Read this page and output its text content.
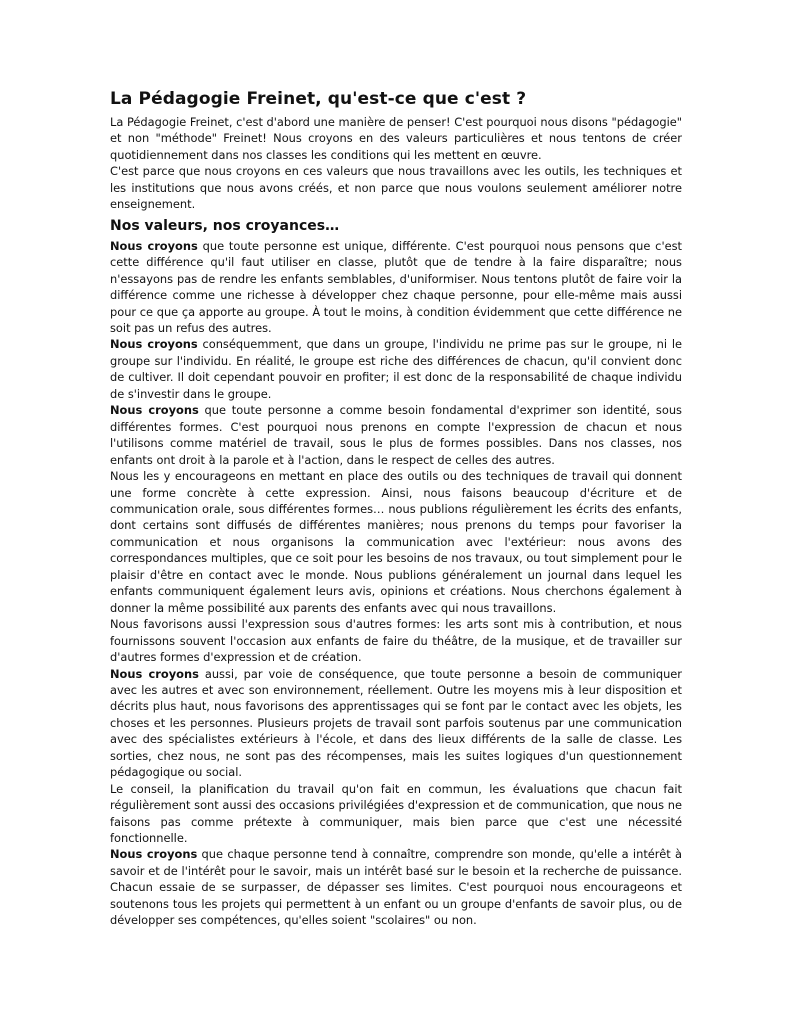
La Pédagogie Freinet, qu'est-ce que c'est ?

La Pédagogie Freinet, c'est d'abord une manière de penser! C'est pourquoi nous disons "pédagogie" et non "méthode" Freinet! Nous croyons en des valeurs particulières et nous tentons de créer quotidiennement dans nos classes les conditions qui les mettent en œuvre.

C'est parce que nous croyons en ces valeurs que nous travaillons avec les outils, les techniques et les institutions que nous avons créés, et non parce que nous voulons seulement améliorer notre enseignement.

Nos valeurs, nos croyances…

Nous croyons que toute personne est unique, différente. C'est pourquoi nous pensons que c'est cette différence qu'il faut utiliser en classe, plutôt que de tendre à la faire disparaître; nous n'essayons pas de rendre les enfants semblables, d'uniformiser. Nous tentons plutôt de faire voir la différence comme une richesse à développer chez chaque personne, pour elle-même mais aussi pour ce que ça apporte au groupe. À tout le moins, à condition évidemment que cette différence ne soit pas un refus des autres.

Nous croyons conséquemment, que dans un groupe, l'individu ne prime pas sur le groupe, ni le groupe sur l'individu. En réalité, le groupe est riche des différences de chacun, qu'il convient donc de cultiver. Il doit cependant pouvoir en profiter; il est donc de la responsabilité de chaque individu de s'investir dans le groupe.

Nous croyons que toute personne a comme besoin fondamental d'exprimer son identité, sous différentes formes. C'est pourquoi nous prenons en compte l'expression de chacun et nous l'utilisons comme matériel de travail, sous le plus de formes possibles. Dans nos classes, nos enfants ont droit à la parole et à l'action, dans le respect de celles des autres.

Nous les y encourageons en mettant en place des outils ou des techniques de travail qui donnent une forme concrète à cette expression. Ainsi, nous faisons beaucoup d'écriture et de communication orale, sous différentes formes… nous publions régulièrement les écrits des enfants, dont certains sont diffusés de différentes manières; nous prenons du temps pour favoriser la communication et nous organisons la communication avec l'extérieur: nous avons des correspondances multiples, que ce soit pour les besoins de nos travaux, ou tout simplement pour le plaisir d'être en contact avec le monde. Nous publions généralement un journal dans lequel les enfants communiquent également leurs avis, opinions et créations. Nous cherchons également à donner la même possibilité aux parents des enfants avec qui nous travaillons.

Nous favorisons aussi l'expression sous d'autres formes: les arts sont mis à contribution, et nous fournissons souvent l'occasion aux enfants de faire du théâtre, de la musique, et de travailler sur d'autres formes d'expression et de création.

Nous croyons aussi, par voie de conséquence, que toute personne a besoin de communiquer avec les autres et avec son environnement, réellement. Outre les moyens mis à leur disposition et décrits plus haut, nous favorisons des apprentissages qui se font par le contact avec les objets, les choses et les personnes. Plusieurs projets de travail sont parfois soutenus par une communication avec des spécialistes extérieurs à l'école, et dans des lieux différents de la salle de classe. Les sorties, chez nous, ne sont pas des récompenses, mais les suites logiques d'un questionnement pédagogique ou social.

Le conseil, la planification du travail qu'on fait en commun, les évaluations que chacun fait régulièrement sont aussi des occasions privilégiées d'expression et de communication, que nous ne faisons pas comme prétexte à communiquer, mais bien parce que c'est une nécessité fonctionnelle.

Nous croyons que chaque personne tend à connaître, comprendre son monde, qu'elle a intérêt à savoir et de l'intérêt pour le savoir, mais un intérêt basé sur le besoin et la recherche de puissance. Chacun essaie de se surpasser, de dépasser ses limites. C'est pourquoi nous encourageons et soutenons tous les projets qui permettent à un enfant ou un groupe d'enfants de savoir plus, ou de développer ses compétences, qu'elles soient "scolaires" ou non.
